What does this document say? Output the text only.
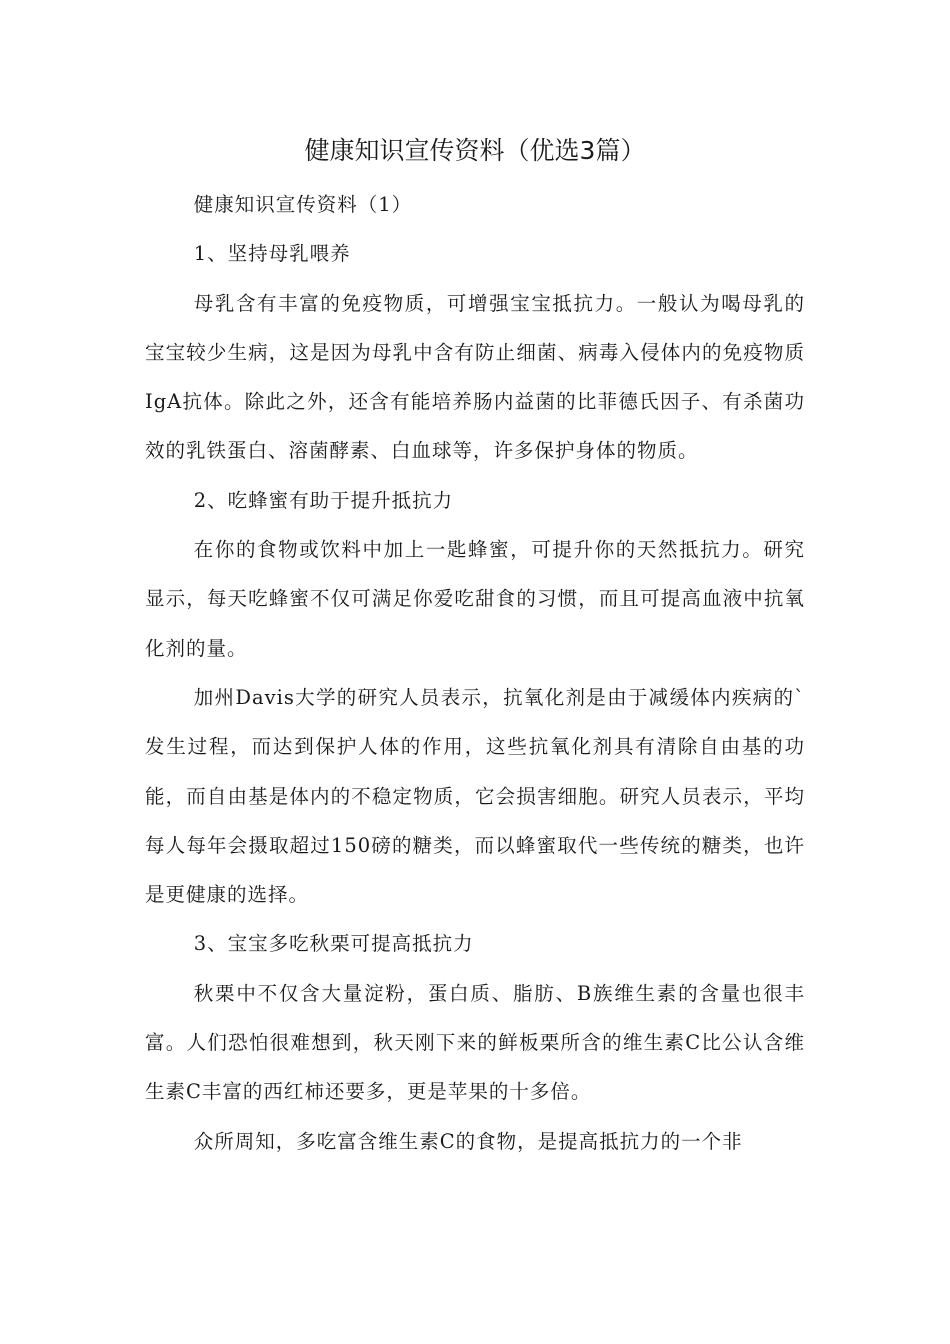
健康知识宣传资料（优选3篇）

健康知识宣传资料（1）

1、坚持母乳喂养

母乳含有丰富的免疫物质，可增强宝宝抵抗力。一般认为喝母乳的宝宝较少生病，这是因为母乳中含有防止细菌、病毒入侵体内的免疫物质IgA抗体。除此之外，还含有能培养肠内益菌的比菲德氏因子、有杀菌功效的乳铁蛋白、溶菌酵素、白血球等，许多保护身体的物质。

2、吃蜂蜜有助于提升抵抗力

在你的食物或饮料中加上一匙蜂蜜，可提升你的天然抵抗力。研究显示，每天吃蜂蜜不仅可满足你爱吃甜食的习惯，而且可提高血液中抗氧化剂的量。

加州Davis大学的研究人员表示，抗氧化剂是由于减缓体内疾病的`发生过程，而达到保护人体的作用，这些抗氧化剂具有清除自由基的功能，而自由基是体内的不稳定物质，它会损害细胞。研究人员表示，平均每人每年会摄取超过150磅的糖类，而以蜂蜜取代一些传统的糖类，也许是更健康的选择。

3、宝宝多吃秋栗可提高抵抗力

秋栗中不仅含大量淀粉，蛋白质、脂肪、B族维生素的含量也很丰富。人们恐怕很难想到，秋天刚下来的鲜板栗所含的维生素C比公认含维生素C丰富的西红柿还要多，更是苹果的十多倍。

众所周知，多吃富含维生素C的食物，是提高抵抗力的一个非
